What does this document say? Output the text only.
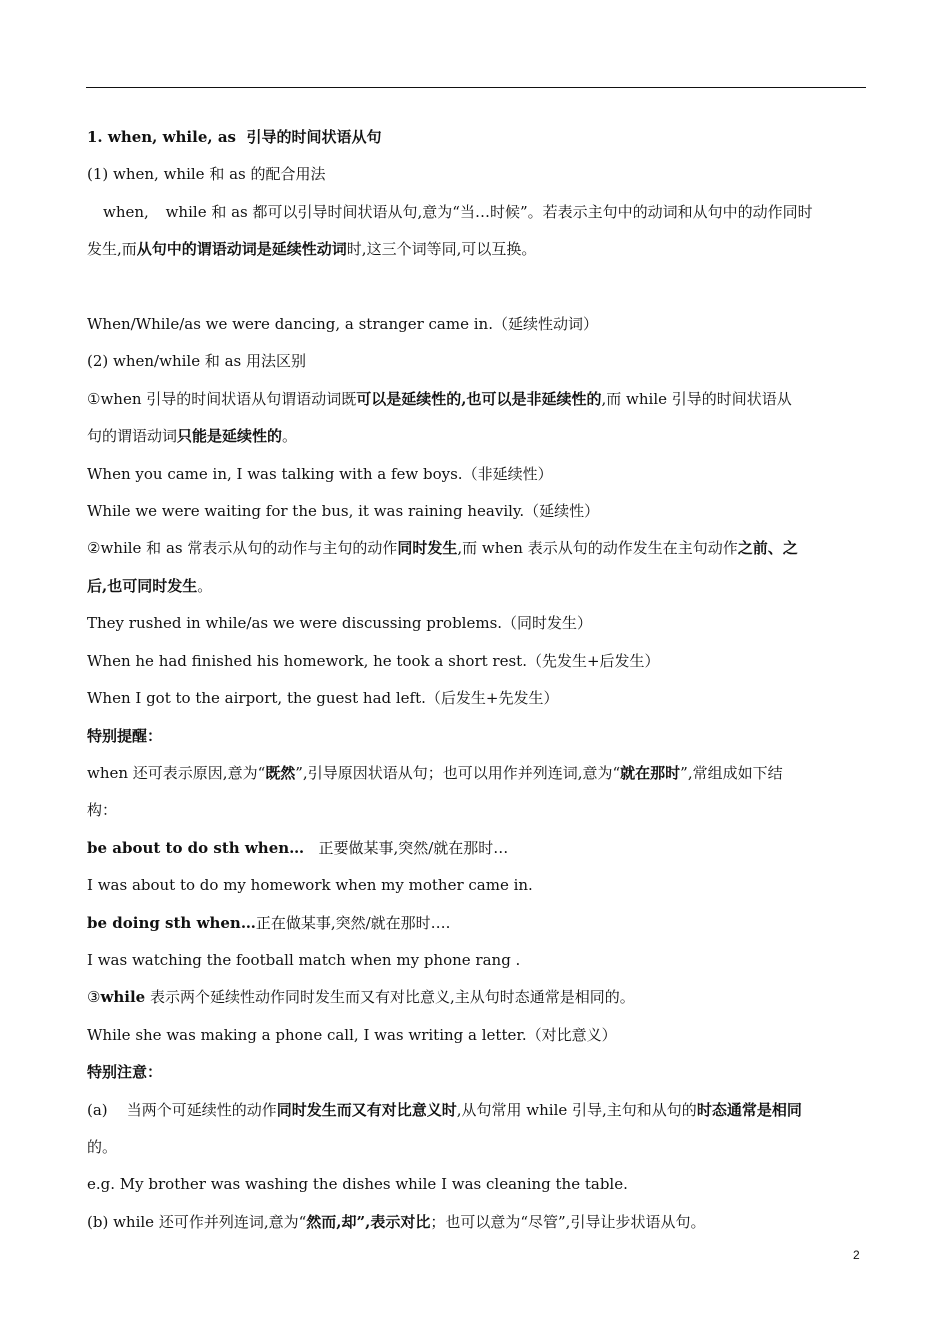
1. when, while, as 引导的时间状语从句

(1) when, while 和 as 的配合用法

when, while 和 as 都可以引导时间状语从句,意为“当…时候”。若表示主句中的动词和从句中的动作同时

发生,而从句中的谓语动词是延续性动词时,这三个词等同,可以互换。

When/While/as we were dancing, a stranger came in.（延续性动词）

(2) when/while 和 as 用法区别

①when 引导的时间状语从句谓语动词既可以是延续性的,也可以是非延续性的,而 while 引导的时间状语从

句的谓语动词只能是延续性的。

When you came in, I was talking with a few boys.（非延续性）

While we were waiting for the bus, it was raining heavily.（延续性）

②while 和 as 常表示从句的动作与主句的动作同时发生,而 when 表示从句的动作发生在主句动作之前、之

后,也可同时发生。

They rushed in while/as we were discussing problems.（同时发生）

When he had finished his homework, he took a short rest.（先发生+后发生）

When I got to the airport, the guest had left.（后发生+先发生）

特别提醒：

when 还可表示原因,意为“既然”,引导原因状语从句；也可以用作并列连词,意为“就在那时”,常组成如下结

构：

be about to do sth when… 正要做某事,突然/就在那时…

I was about to do my homework when my mother came in.

be doing sth when…正在做某事,突然/就在那时….

I was watching the football match when my phone rang .

③while 表示两个延续性动作同时发生而又有对比意义,主从句时态通常是相同的。

While she was making a phone call, I was writing a letter.（对比意义）

特别注意：

(a) 当两个可延续性的动作同时发生而又有对比意义时,从句常用 while 引导,主句和从句的时态通常是相同

的。

e.g. My brother was washing the dishes while I was cleaning the table.

(b) while 还可作并列连词,意为“然而,却”,表示对比；也可以意为“尽管”,引导让步状语从句。

2
